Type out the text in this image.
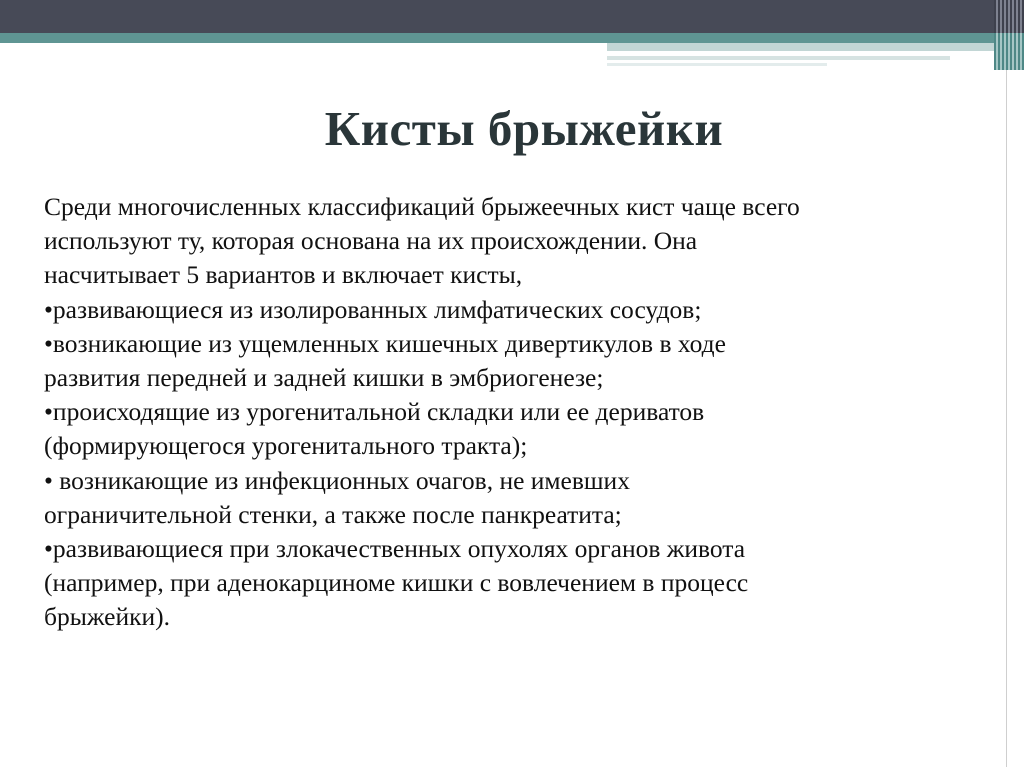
Кисты брыжейки
Среди многочисленных классификаций брыжеечных кист чаще всего
используют ту, которая основана на их происхождении. Она
насчитывает 5 вариантов и включает кисты,
•развивающиеся из изолированных лимфатических сосудов;
•возникающие из ущемленных кишечных дивертикулов в ходе
развития передней и задней кишки в эмбриогенезе;
•происходящие из урогенитальной складки или ее дериватов
(формирующегося урогенитального тракта);
• возникающие из инфекционных очагов, не имевших
ограничительной стенки, а также после панкреатита;
•развивающиеся при злокачественных опухолях органов живота
(например, при аденокарциноме кишки с вовлечением в процесс
брыжейки).
